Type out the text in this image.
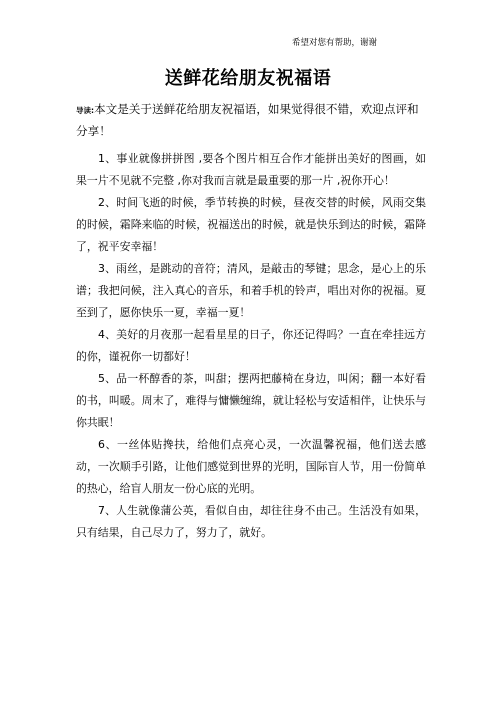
希望对您有帮助，谢谢
送鲜花给朋友祝福语
导读:本文是关于送鲜花给朋友祝福语，如果觉得很不错，欢迎点评和分享！

1、事业就像拼拼图 ,要各个图片相互合作才能拼出美好的图画，如果一片不见就不完整 ,你对我而言就是最重要的那一片 ,祝你开心！

2、时间飞逝的时候，季节转换的时候，昼夜交替的时候，风雨交集的时候，霜降来临的时候，祝福送出的时候，就是快乐到达的时候，霜降了，祝平安幸福！

3、雨丝，是跳动的音符；清风，是敲击的琴键；思念，是心上的乐谱；我把问候，注入真心的音乐，和着手机的铃声，唱出对你的祝福。夏至到了，愿你快乐一夏，幸福一夏！

4、美好的月夜那一起看星星的日子，你还记得吗？一直在牵挂远方的你，谨祝你一切都好！

5、品一杯醇香的茶，叫甜；摆两把藤椅在身边，叫闲；翻一本好看的书，叫暖。周末了，难得与慵懒缠绵，就让轻松与安适相伴，让快乐与你共眠！

6、一丝体贴搀扶，给他们点亮心灵，一次温馨祝福，他们送去感动，一次顺手引路，让他们感觉到世界的光明，国际盲人节，用一份简单的热心，给盲人朋友一份心底的光明。

7、人生就像蒲公英，看似自由，却往往身不由己。生活没有如果，只有结果，自己尽力了，努力了，就好。
